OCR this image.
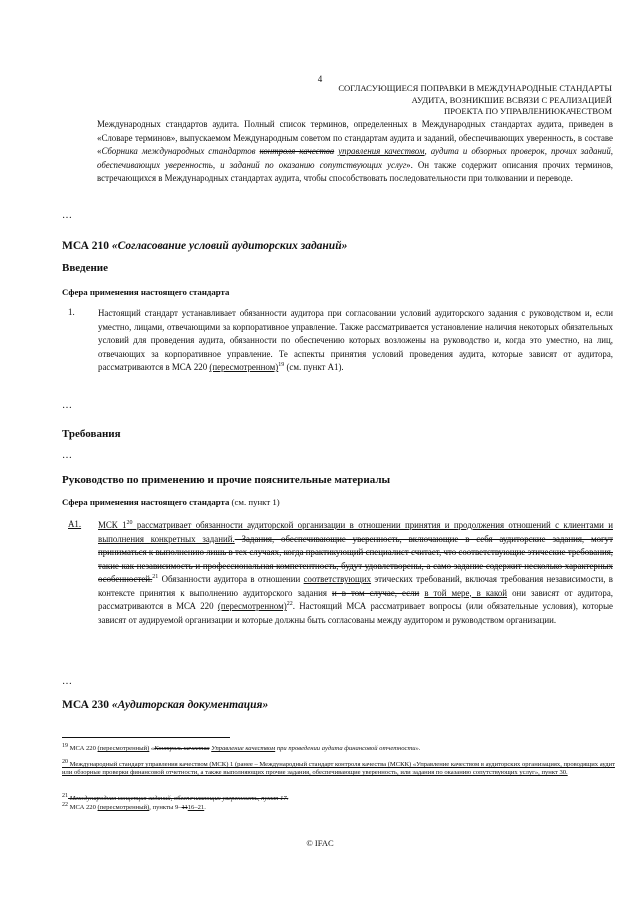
4
СОГЛАСУЮЩИЕСЯ ПОПРАВКИ В МЕЖДУНАРОДНЫЕ СТАНДАРТЫ
АУДИТА, ВОЗНИКШИЕ ВСВЯЗИ С РЕАЛИЗАЦИЕЙ
ПРОЕКТА ПО УПРАВЛЕНИЮКАЧЕСТВОМ
Международных стандартов аудита. Полный список терминов, определенных в Международных стандартах аудита, приведен в «Словаре терминов», выпускаемом Международным советом по стандартам аудита и заданий, обеспечивающих уверенность, в составе «Сборника международных стандартов контроля качества управления качеством, аудита и обзорных проверок, прочих заданий, обеспечивающих уверенность, и заданий по оказанию сопутствующих услуг». Он также содержит описания прочих терминов, встречающихся в Международных стандартах аудита, чтобы способствовать последовательности при толковании и переводе.
…
МСА 210 «Согласование условий аудиторских заданий»
Введение
Сфера применения настоящего стандарта
1.	Настоящий стандарт устанавливает обязанности аудитора при согласовании условий аудиторского задания с руководством и, если уместно, лицами, отвечающими за корпоративное управление. Также рассматривается установление наличия некоторых обязательных условий для проведения аудита, обязанности по обеспечению которых возложены на руководство и, когда это уместно, на лиц, отвечающих за корпоративное управление. Те аспекты принятия условий проведения аудита, которые зависят от аудитора, рассматриваются в МСА 220 (пересмотренном)$^{19}$ (см. пункт А1).
…
Требования
…
Руководство по применению и прочие пояснительные материалы
Сфера применения настоящего стандарта (см. пункт 1)
А1. МСК $1^{20}$ рассматривает обязанности аудиторской организации в отношении принятия и продолжения отношений с клиентами и выполнения конкретных заданий. Задания, обеспечивающие уверенность, включающие в себя аудиторские задания, могут приниматься к выполнению лишь в тех случаях, когда практикующий специалист считает, что соответствующие этические требования, такие как независимость и профессиональная компетентность, будут удовлетворены, а само задание содержит несколько характерных особенностей.$^{21}$ Обязанности аудитора в отношении соответствующих этических требований, включая требования независимости, в контексте принятия к выполнению аудиторского задания и в том случае, если в той мере, в какой они зависят от аудитора, рассматриваются в МСА 220 (пересмотренном)$^{22}$. Настоящий МСА рассматривает вопросы (или обязательные условия), которые зависят от аудируемой организации и которые должны быть согласованы между аудитором и руководством организации.
…
МСА 230 «Аудиторская документация»
$^{19}$ МСА 220 (пересмотренный) «Контроль качества Управление качеством при проведении аудита финансовой отчетности».
$^{20}$ Международный стандарт управления качеством (МСК) 1 (ранее – Международный стандарт контроля качества (МСКК) «Управление качеством в аудиторских организациях, проводящих аудит или обзорные проверки финансовой отчетности, а также выполняющих прочие задания, обеспечивающие уверенность, или задания по оказанию сопутствующих услуг», пункт 30.
$^{21}$ Международная концепция заданий, обеспечивающих уверенность, пункт 17.
$^{22}$ МСА 220 (пересмотренный), пункты 9–1116–21.
© IFAC
